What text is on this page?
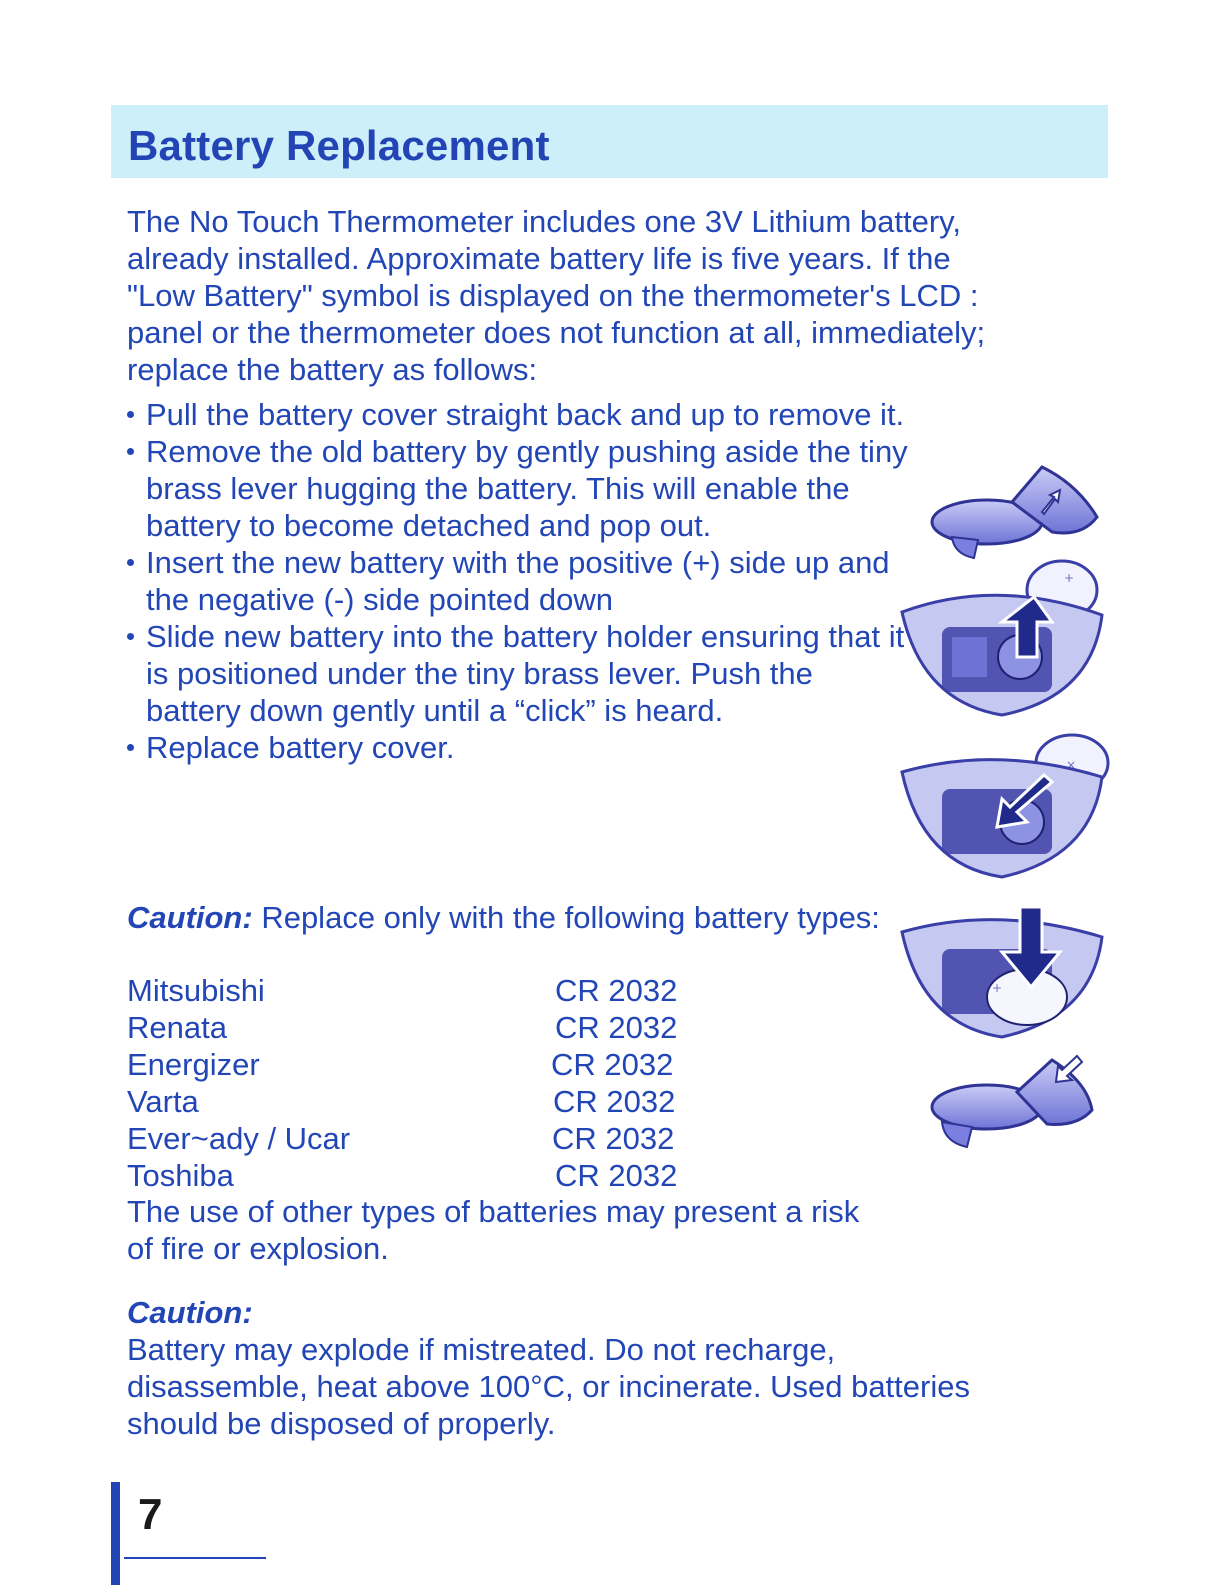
Battery Replacement
The No Touch Thermometer includes one 3V Lithium battery,
already installed. Approximate battery life is five years. If the
"Low Battery" symbol is displayed on the thermometer's LCD :
panel or the thermometer does not function at all, immediately;
replace the battery as follows:
Pull the battery cover straight back and up to remove it.
Remove the old battery by gently pushing aside the tiny brass lever hugging the battery. This will enable the battery to become detached and pop out.
Insert the new battery with the positive (+) side up and the negative (-) side pointed down
Slide new battery into the battery holder ensuring that it is positioned under the tiny brass lever. Push the battery down gently until a “click” is heard.
Replace battery cover.
Caution: Replace only with the following battery types:
Mitsubishi	CR 2032
Renata	CR 2032
Energizer	CR 2032
Varta	CR 2032
Ever~ady / Ucar	CR 2032
Toshiba	CR 2032
The use of other types of batteries may present a risk of fire or explosion.
Caution:
Battery may explode if mistreated. Do not recharge,
disassemble, heat above 100°C, or incinerate. Used batteries
should be disposed of properly.
+
×
+
7
